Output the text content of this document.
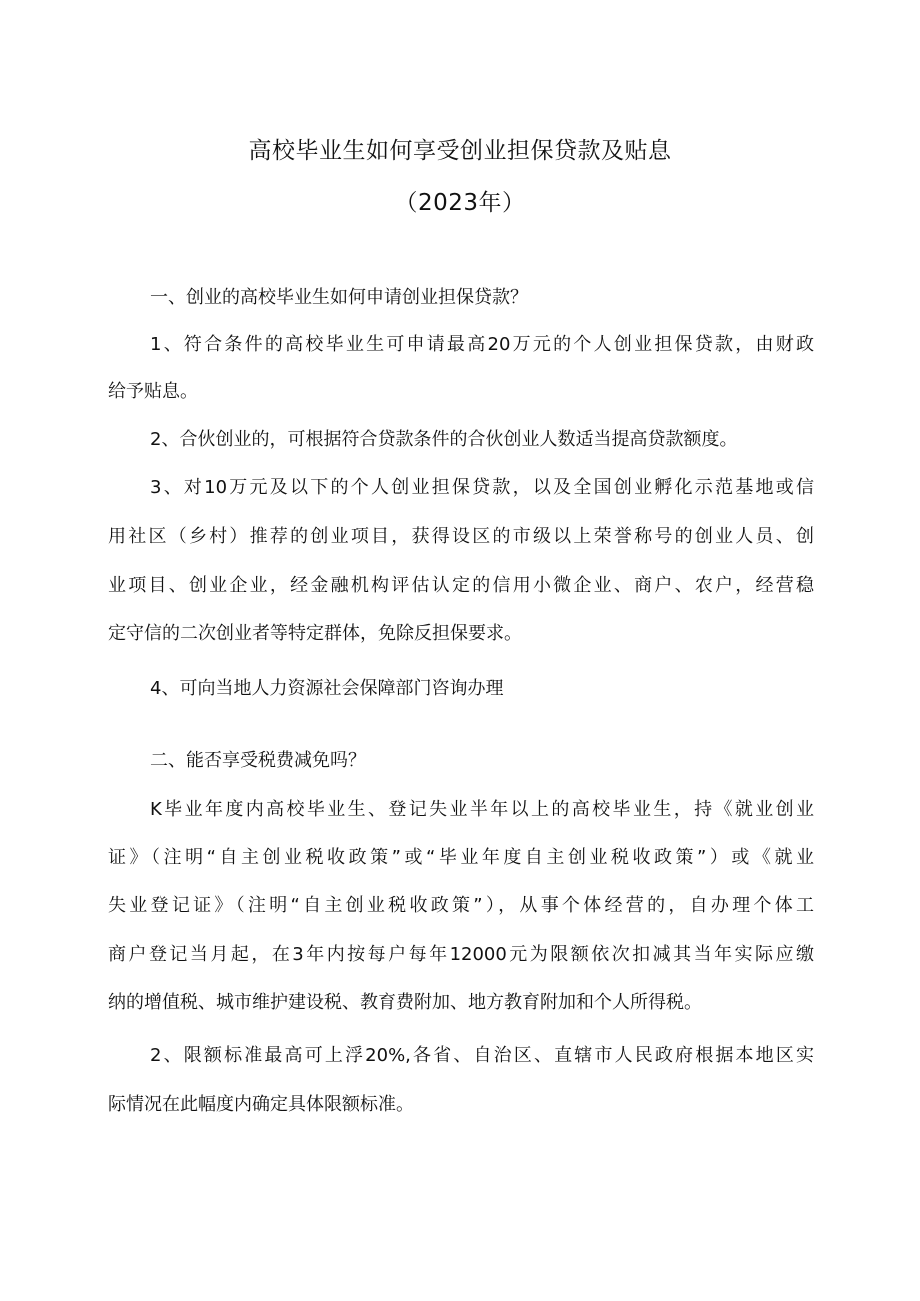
高校毕业生如何享受创业担保贷款及贴息
（2023年）
一、创业的高校毕业生如何申请创业担保贷款？
1、符合条件的高校毕业生可申请最高20万元的个人创业担保贷款，由财政
给予贴息。
2、合伙创业的，可根据符合贷款条件的合伙创业人数适当提高贷款额度。
3、对10万元及以下的个人创业担保贷款，以及全国创业孵化示范基地或信
用社区（乡村）推荐的创业项目，获得设区的市级以上荣誉称号的创业人员、创
业项目、创业企业，经金融机构评估认定的信用小微企业、商户、农户，经营稳
定守信的二次创业者等特定群体，免除反担保要求。
4、可向当地人力资源社会保障部门咨询办理
二、能否享受税费减免吗？
K毕业年度内高校毕业生、登记失业半年以上的高校毕业生，持《就业创业
证》（注明“自主创业税收政策”或“毕业年度自主创业税收政策”）或《就业
失业登记证》（注明“自主创业税收政策”），从事个体经营的，自办理个体工
商户登记当月起，在3年内按每户每年12000元为限额依次扣减其当年实际应缴
纳的增值税、城市维护建设税、教育费附加、地方教育附加和个人所得税。
2、限额标准最高可上浮20%,各省、自治区、直辖市人民政府根据本地区实
际情况在此幅度内确定具体限额标准。
